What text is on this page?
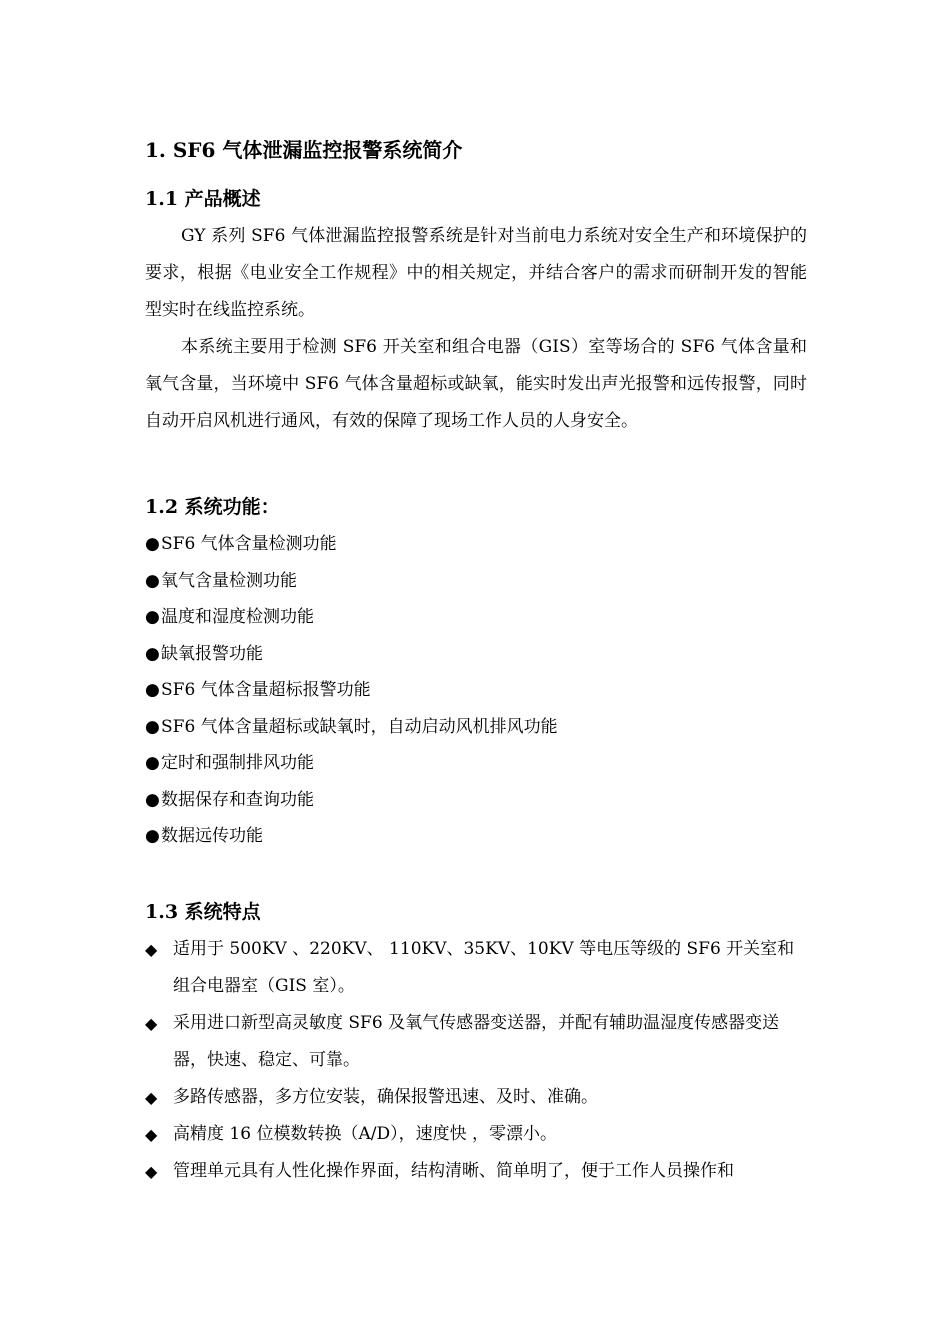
1. SF6 气体泄漏监控报警系统简介
1.1 产品概述

GY 系列 SF6 气体泄漏监控报警系统是针对当前电力系统对安全生产和环境保护的要求，根据《电业安全工作规程》中的相关规定，并结合客户的需求而研制开发的智能型实时在线监控系统。

本系统主要用于检测 SF6 开关室和组合电器（GIS）室等场合的 SF6 气体含量和氧气含量，当环境中 SF6 气体含量超标或缺氧，能实时发出声光报警和远传报警，同时自动开启风机进行通风，有效的保障了现场工作人员的人身安全。

1.2 系统功能：
●SF6 气体含量检测功能
●氧气含量检测功能
●温度和湿度检测功能
●缺氧报警功能
●SF6 气体含量超标报警功能
●SF6 气体含量超标或缺氧时，自动启动风机排风功能
●定时和强制排风功能
●数据保存和查询功能
●数据远传功能
1.3 系统特点
◆ 适用于 500KV 、220KV、 110KV、35KV、10KV 等电压等级的 SF6 开关室和组合电器室（GIS 室）。
◆ 采用进口新型高灵敏度 SF6 及氧气传感器变送器，并配有辅助温湿度传感器变送器，快速、稳定、可靠。
◆ 多路传感器，多方位安装，确保报警迅速、及时、准确。
◆ 高精度 16 位模数转换（A/D），速度快 ，零漂小。
◆ 管理单元具有人性化操作界面，结构清晰、简单明了，便于工作人员操作和
